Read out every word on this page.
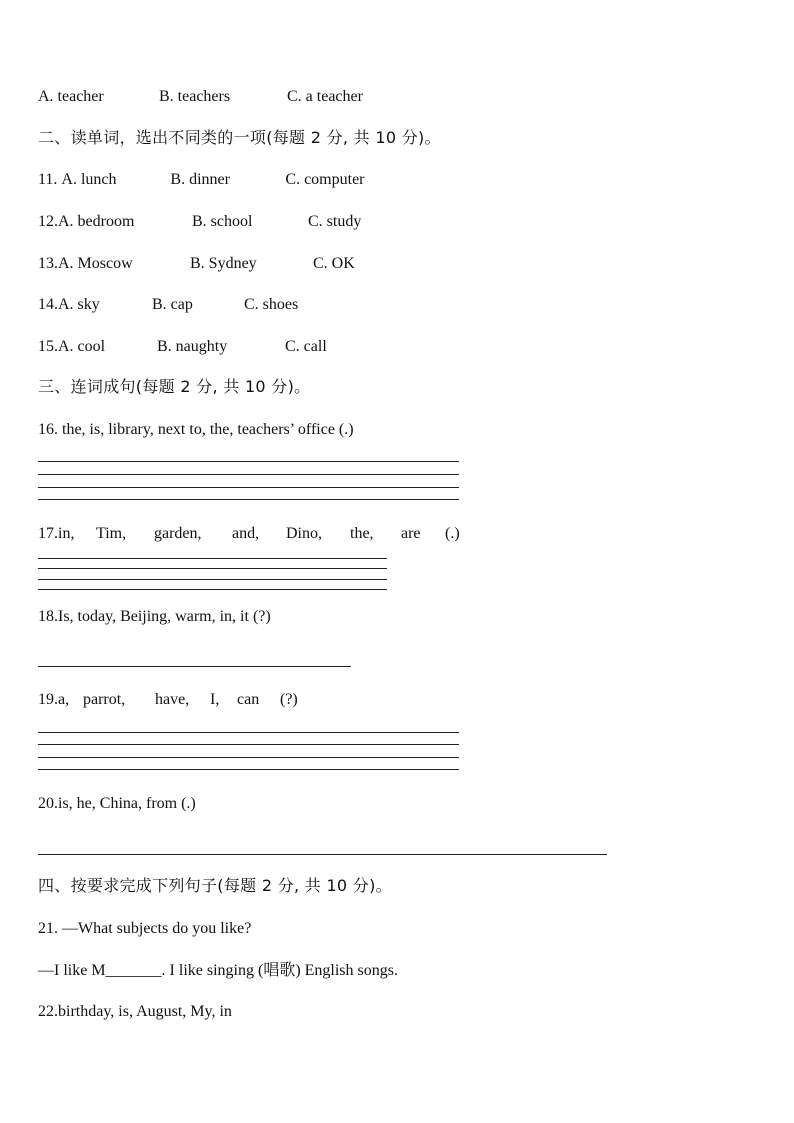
A. teacher	B. teachers	C. a teacher
二、读单词，选出不同类的一项(每题 2 分, 共 10 分)。
11. A. lunch	B. dinner	C. computer
12.A. bedroom	B. school	C. study
13.A. Moscow	B. Sydney	C. OK
14.A. sky	B. cap	C. shoes
15.A. cool	B. naughty	C. call
三、连词成句(每题 2 分, 共 10 分)。
16. the, is, library, next to, the, teachers’ office (.)
17.in, Tim, garden, and, Dino, the, are (.)
18.Is, today, Beijing, warm, in, it (?)
19.a, parrot, have, I, can (?)
20.is, he, China, from (.)
四、按要求完成下列句子(每题 2 分, 共 10 分)。
21. —What subjects do you like?
—I like M_______. I like singing (唱歌) English songs.
22.birthday, is, August, My, in
